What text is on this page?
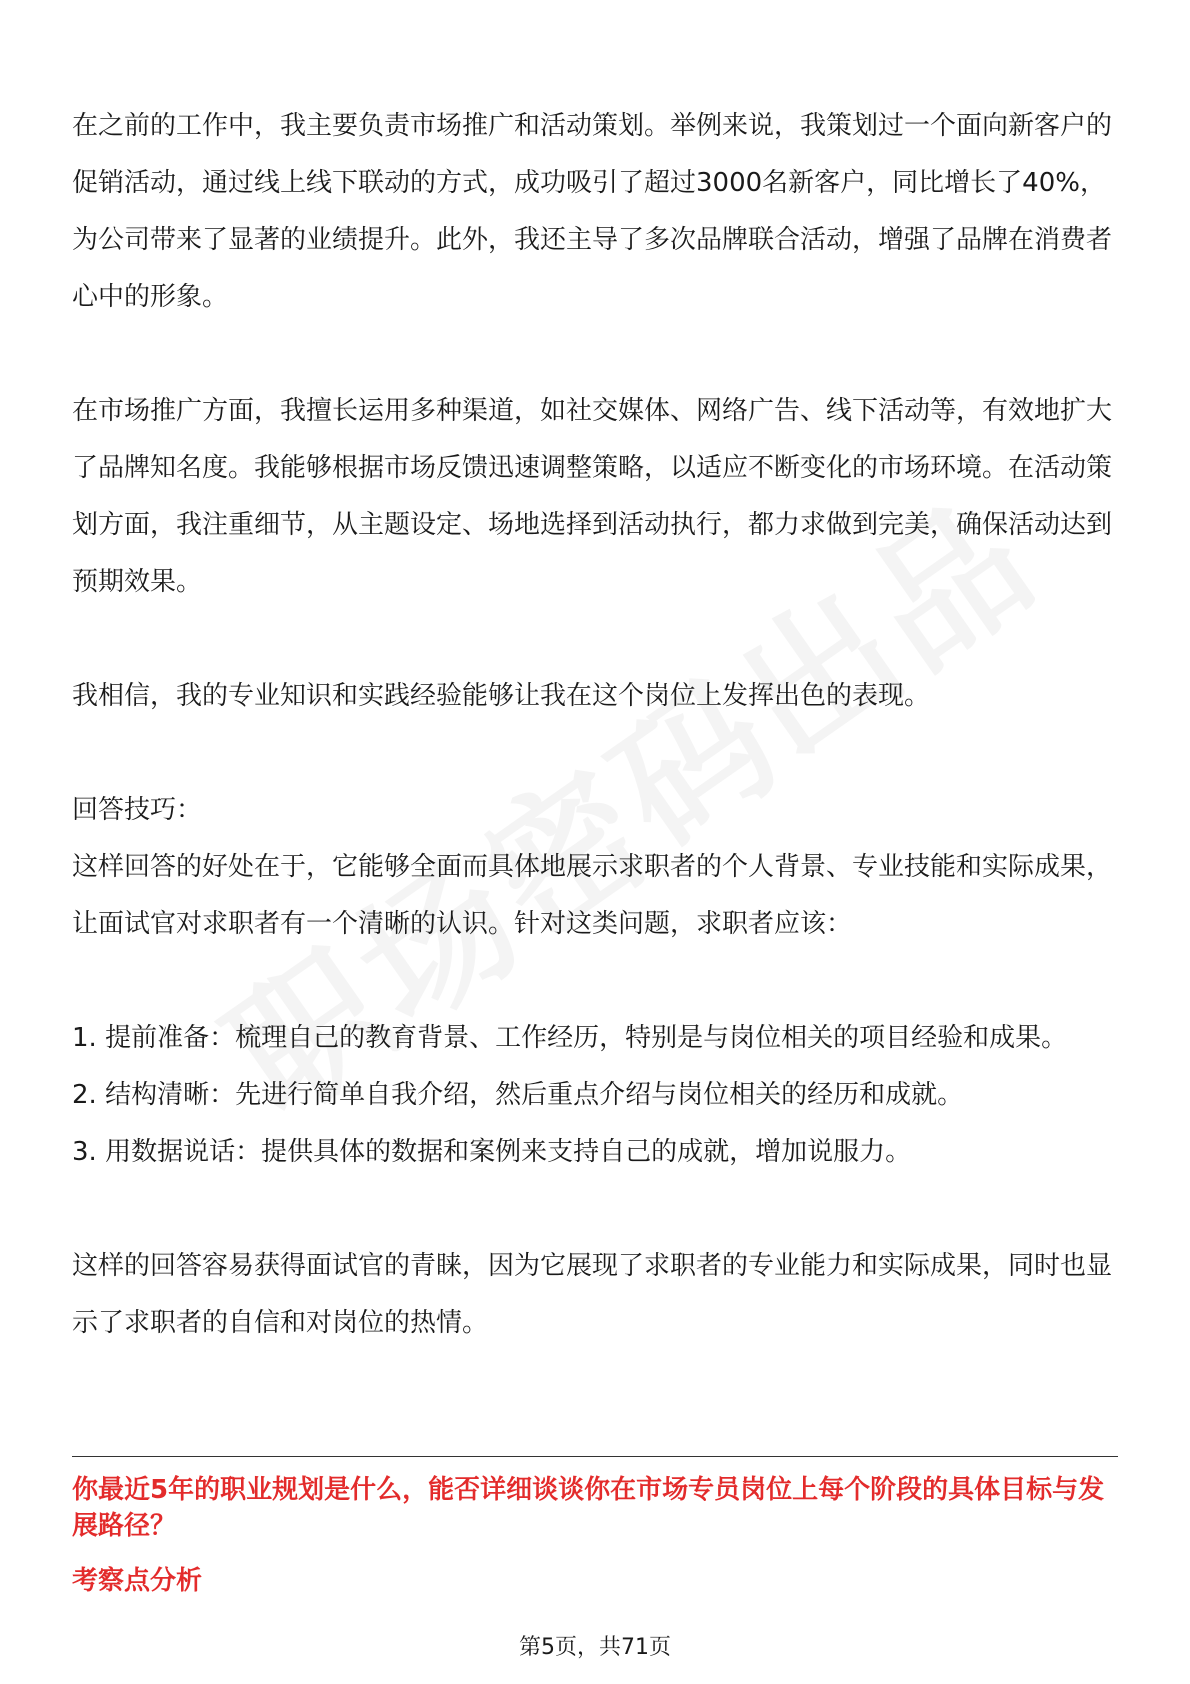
在之前的工作中，我主要负责市场推广和活动策划。举例来说，我策划过一个面向新客户的促销活动，通过线上线下联动的方式，成功吸引了超过3000名新客户，同比增长了40%，为公司带来了显著的业绩提升。此外，我还主导了多次品牌联合活动，增强了品牌在消费者心中的形象。

在市场推广方面，我擅长运用多种渠道，如社交媒体、网络广告、线下活动等，有效地扩大了品牌知名度。我能够根据市场反馈迅速调整策略，以适应不断变化的市场环境。在活动策划方面，我注重细节，从主题设定、场地选择到活动执行，都力求做到完美，确保活动达到预期效果。

我相信，我的专业知识和实践经验能够让我在这个岗位上发挥出色的表现。

回答技巧：

这样回答的好处在于，它能够全面而具体地展示求职者的个人背景、专业技能和实际成果，让面试官对求职者有一个清晰的认识。针对这类问题，求职者应该：

1. 提前准备：梳理自己的教育背景、工作经历，特别是与岗位相关的项目经验和成果。

2. 结构清晰：先进行简单自我介绍，然后重点介绍与岗位相关的经历和成就。

3. 用数据说话：提供具体的数据和案例来支持自己的成就，增加说服力。

这样的回答容易获得面试官的青睐，因为它展现了求职者的专业能力和实际成果，同时也显示了求职者的自信和对岗位的热情。

你最近5年的职业规划是什么，能否详细谈谈你在市场专员岗位上每个阶段的具体目标与发展路径？

考察点分析

第5页，共71页
